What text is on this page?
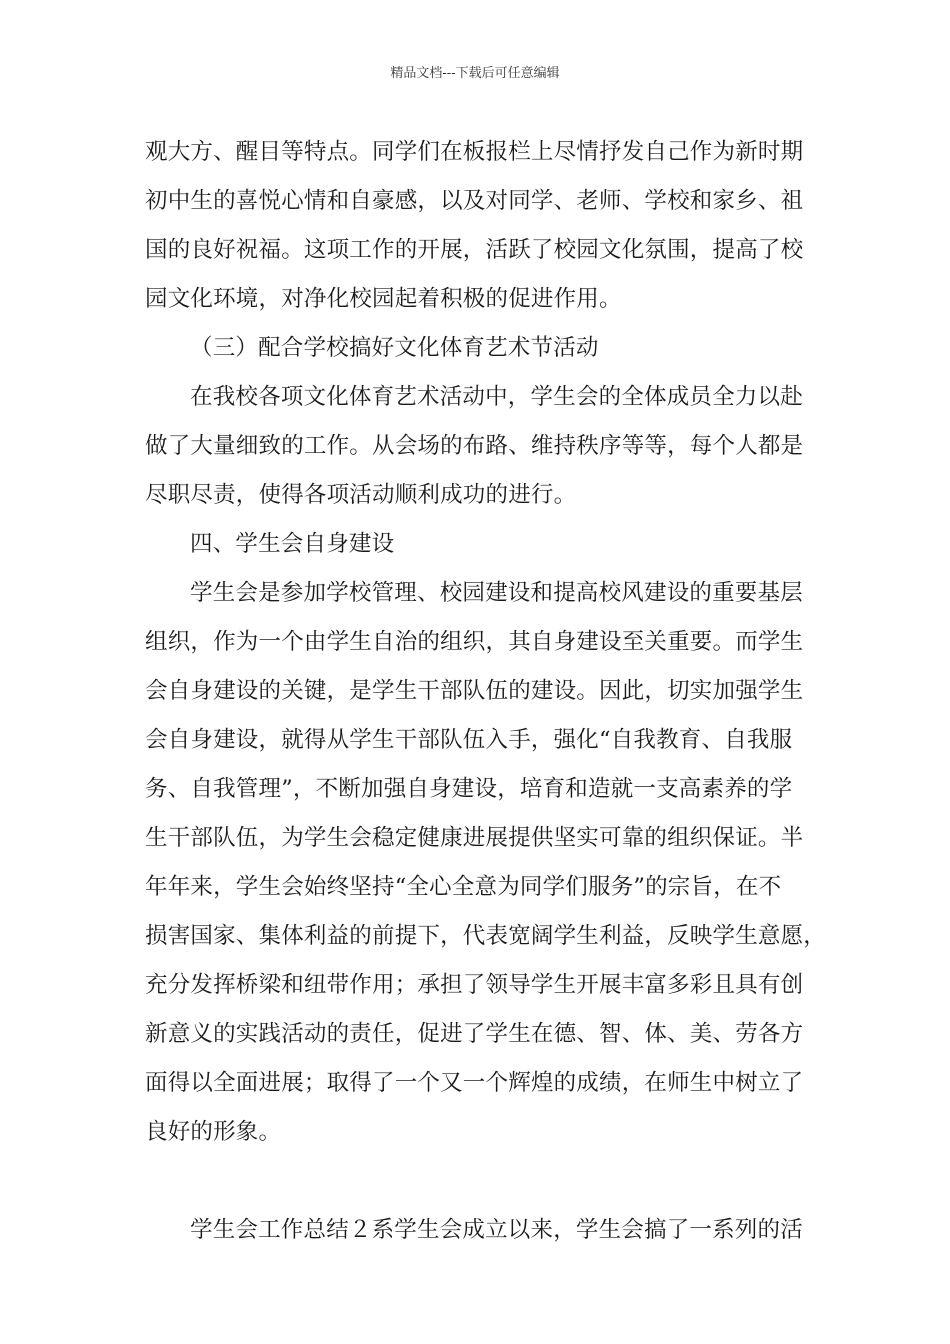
精品文档---下载后可任意编辑
观大方、醒目等特点。同学们在板报栏上尽情抒发自己作为新时期
初中生的喜悦心情和自豪感，以及对同学、老师、学校和家乡、祖
国的良好祝福。这项工作的开展，活跃了校园文化氛围，提高了校
园文化环境，对净化校园起着积极的促进作用。
（三）配合学校搞好文化体育艺术节活动
在我校各项文化体育艺术活动中，学生会的全体成员全力以赴
做了大量细致的工作。从会场的布路、维持秩序等等，每个人都是
尽职尽责，使得各项活动顺利成功的进行。
四、学生会自身建设
学生会是参加学校管理、校园建设和提高校风建设的重要基层
组织，作为一个由学生自治的组织，其自身建设至关重要。而学生
会自身建设的关键，是学生干部队伍的建设。因此，切实加强学生
会自身建设，就得从学生干部队伍入手，强化“自我教育、自我服
务、自我管理”，不断加强自身建设，培育和造就一支高素养的学
生干部队伍，为学生会稳定健康进展提供坚实可靠的组织保证。半
年年来，学生会始终坚持“全心全意为同学们服务”的宗旨，在不
损害国家、集体利益的前提下，代表宽阔学生利益，反映学生意愿，
充分发挥桥梁和纽带作用；承担了领导学生开展丰富多彩且具有创
新意义的实践活动的责任，促进了学生在德、智、体、美、劳各方
面得以全面进展；取得了一个又一个辉煌的成绩，在师生中树立了
良好的形象。
学生会工作总结２系学生会成立以来，学生会搞了一系列的活
